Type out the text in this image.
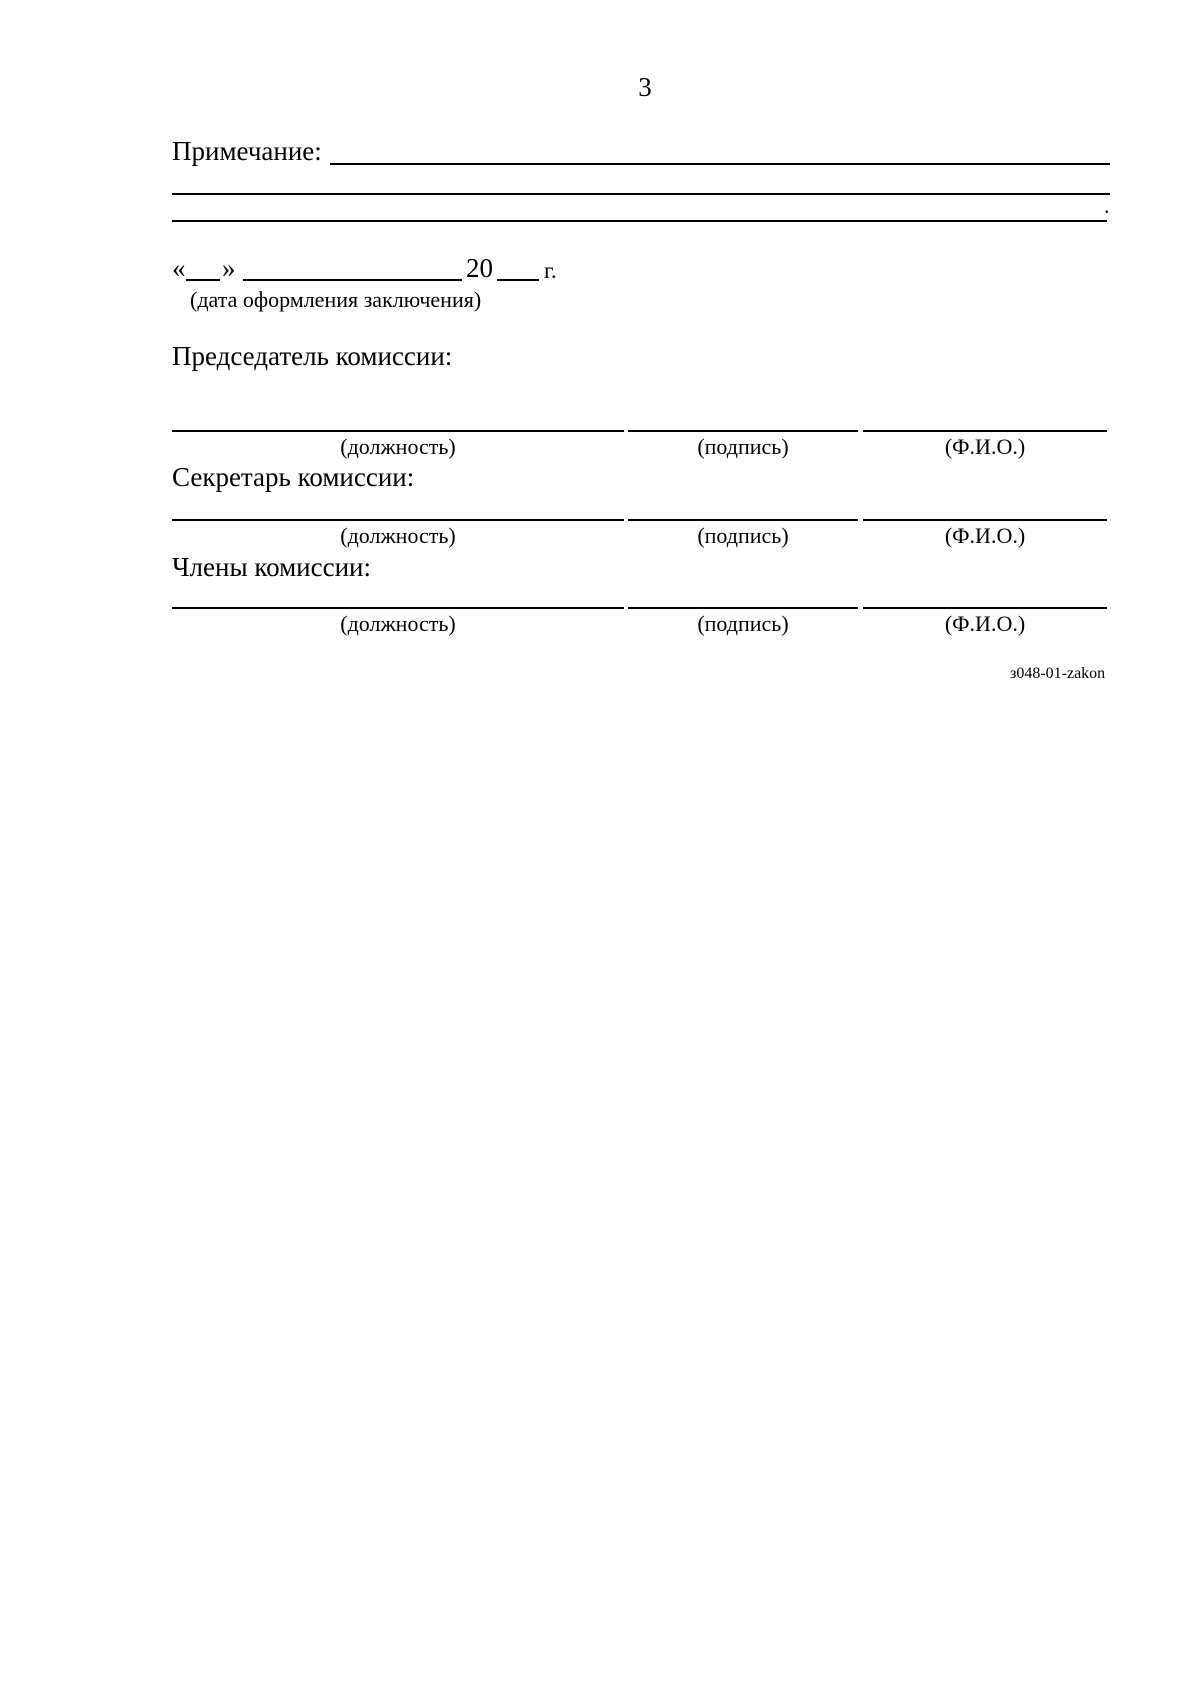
3
Примечание:
.
« »	20 г.
(дата оформления заключения)
Председатель комиссии:
(должность)	(подпись)	(Ф.И.О.)
Секретарь комиссии:
(должность)	(подпись)	(Ф.И.О.)
Члены комиссии:
(должность)	(подпись)	(Ф.И.О.)
з048-01-zakon
